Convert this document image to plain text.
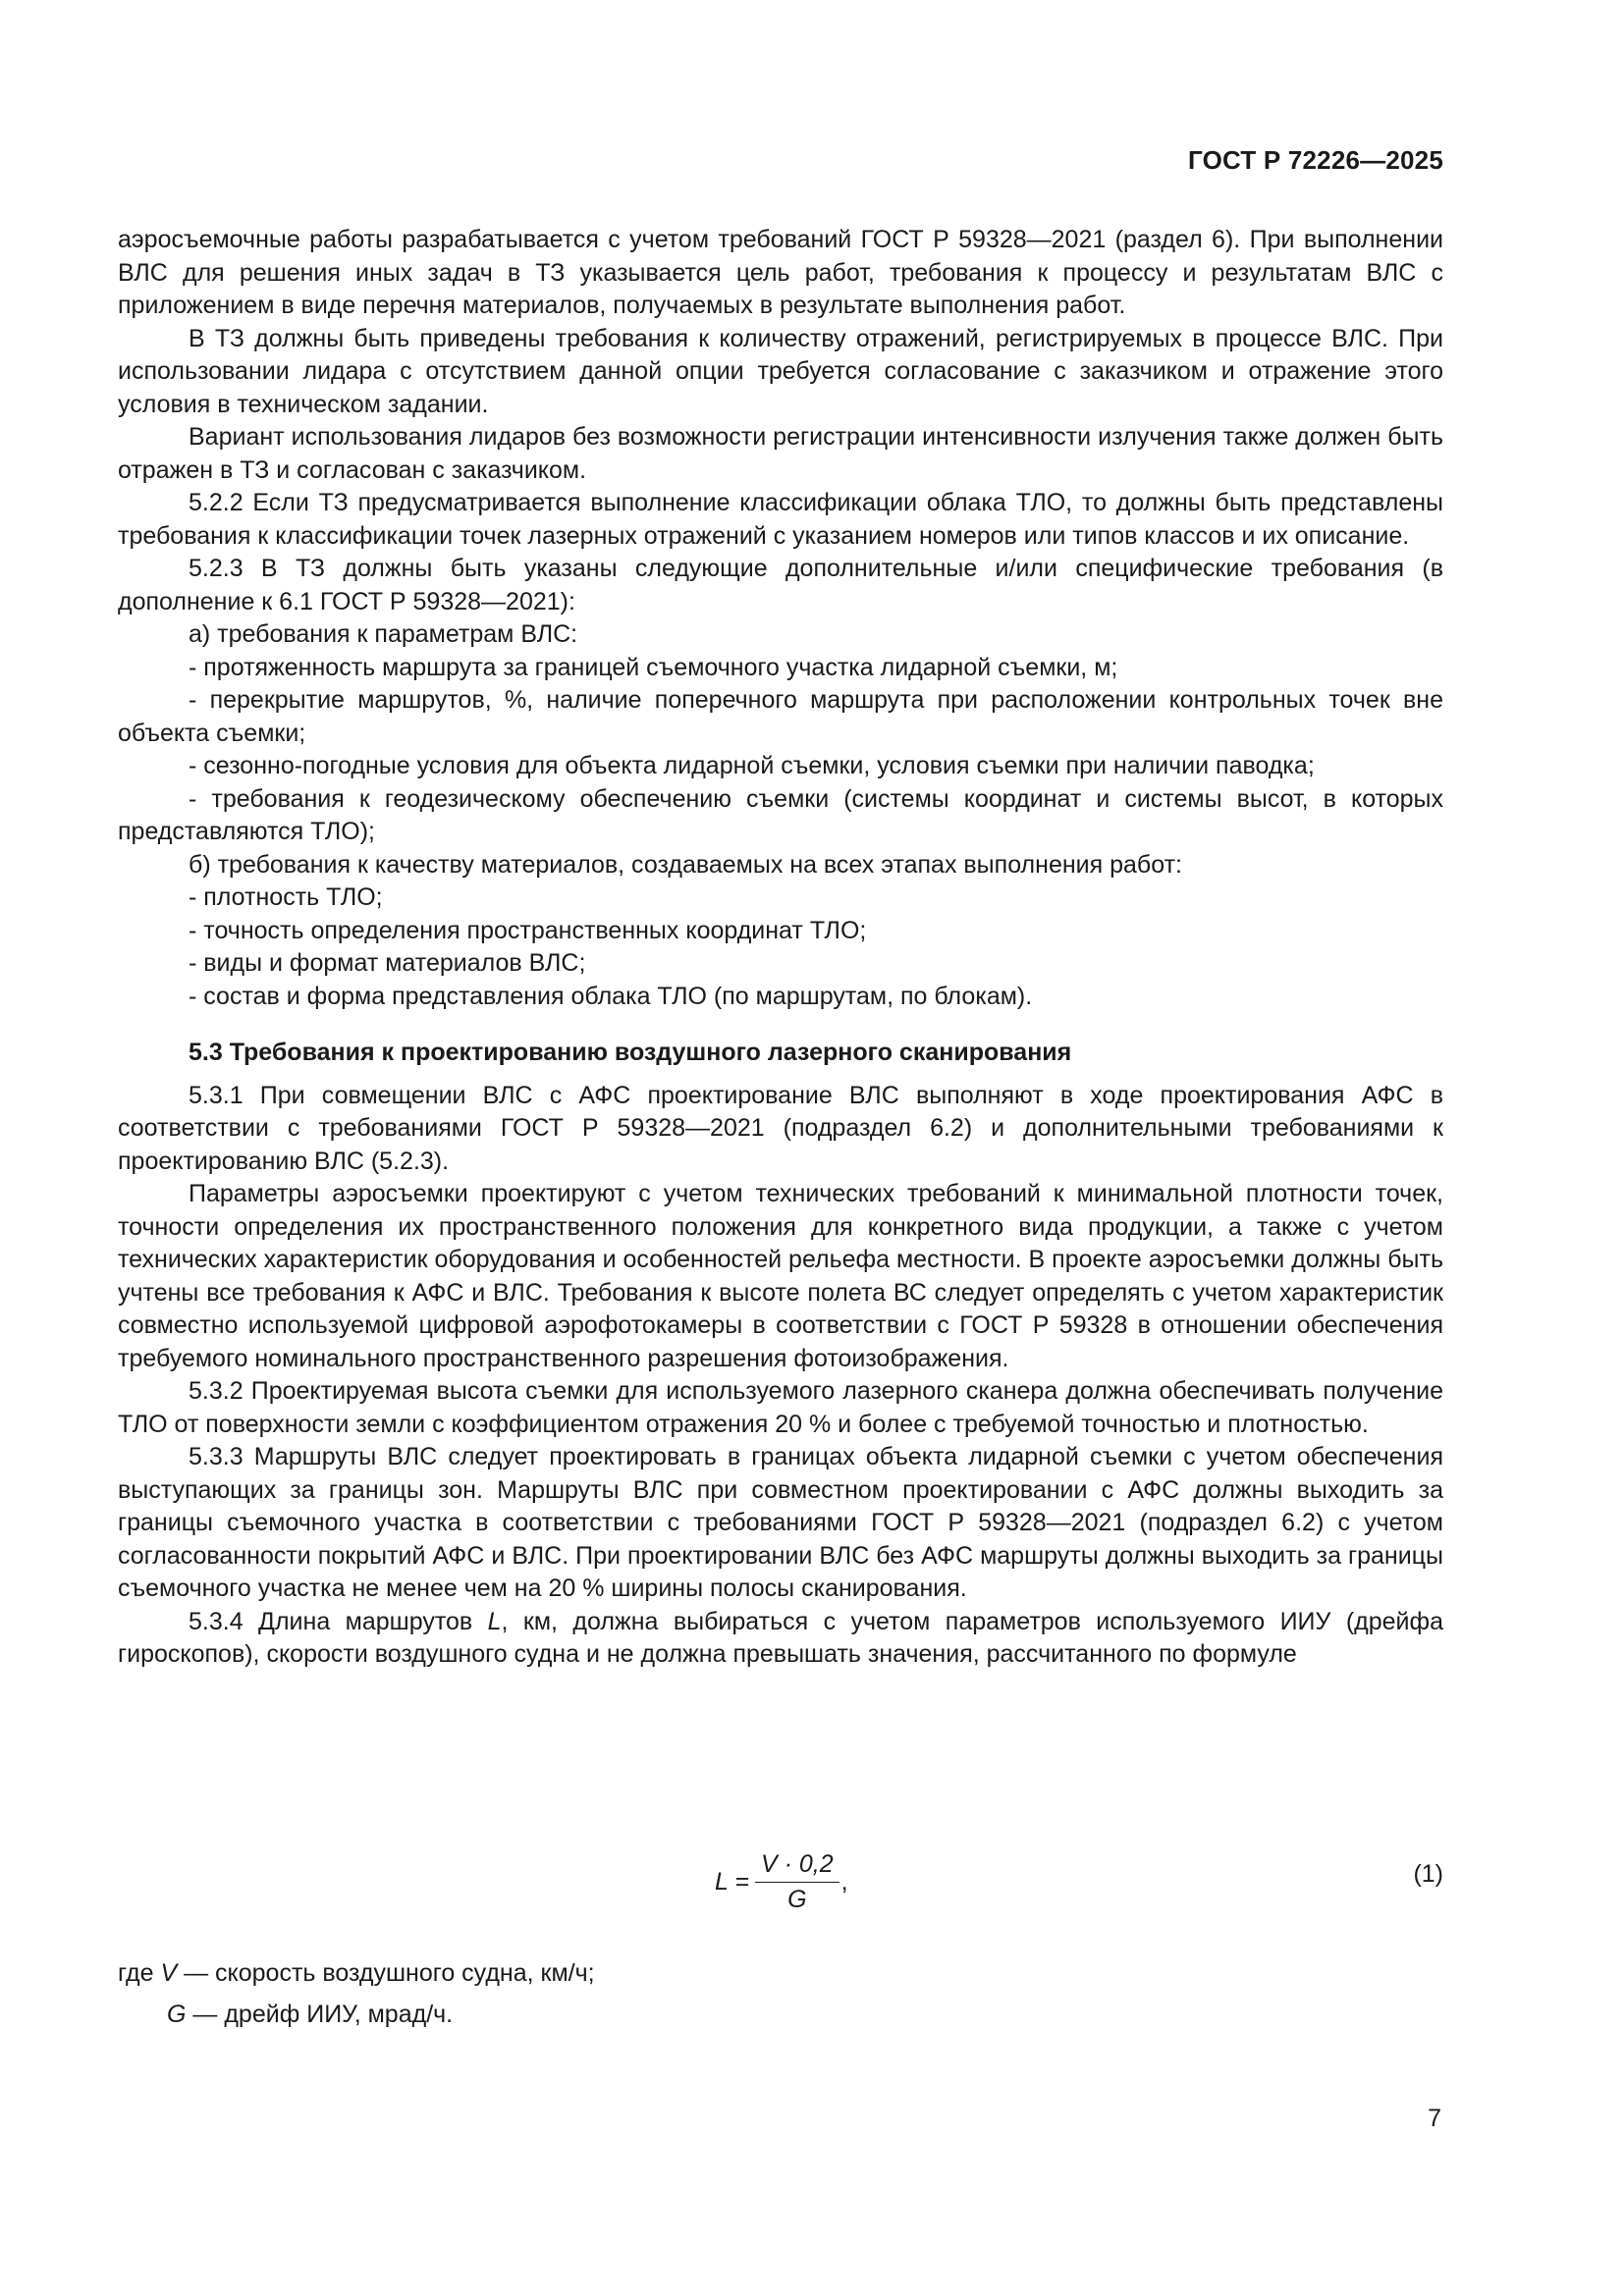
ГОСТ Р 72226—2025

аэросъемочные работы разрабатывается с учетом требований ГОСТ Р 59328—2021 (раздел 6). При выполнении ВЛС для решения иных задач в ТЗ указывается цель работ, требования к процессу и результатам ВЛС с приложением в виде перечня материалов, получаемых в результате выполнения работ.

В ТЗ должны быть приведены требования к количеству отражений, регистрируемых в процессе ВЛС. При использовании лидара с отсутствием данной опции требуется согласование с заказчиком и отражение этого условия в техническом задании.

Вариант использования лидаров без возможности регистрации интенсивности излучения также должен быть отражен в ТЗ и согласован с заказчиком.

5.2.2 Если ТЗ предусматривается выполнение классификации облака ТЛО, то должны быть представлены требования к классификации точек лазерных отражений с указанием номеров или типов классов и их описание.

5.2.3 В ТЗ должны быть указаны следующие дополнительные и/или специфические требования (в дополнение к 6.1 ГОСТ Р 59328—2021):

а) требования к параметрам ВЛС:

- протяженность маршрута за границей съемочного участка лидарной съемки, м;

- перекрытие маршрутов, %, наличие поперечного маршрута при расположении контрольных точек вне объекта съемки;

- сезонно-погодные условия для объекта лидарной съемки, условия съемки при наличии паводка;

- требования к геодезическому обеспечению съемки (системы координат и системы высот, в которых представляются ТЛО);

б) требования к качеству материалов, создаваемых на всех этапах выполнения работ:

- плотность ТЛО;

- точность определения пространственных координат ТЛО;

- виды и формат материалов ВЛС;

- состав и форма представления облака ТЛО (по маршрутам, по блокам).

5.3 Требования к проектированию воздушного лазерного сканирования

5.3.1 При совмещении ВЛС с АФС проектирование ВЛС выполняют в ходе проектирования АФС в соответствии с требованиями ГОСТ Р 59328—2021 (подраздел 6.2) и дополнительными требованиями к проектированию ВЛС (5.2.3).

Параметры аэросъемки проектируют с учетом технических требований к минимальной плотности точек, точности определения их пространственного положения для конкретного вида продукции, а также с учетом технических характеристик оборудования и особенностей рельефа местности. В проекте аэросъемки должны быть учтены все требования к АФС и ВЛС. Требования к высоте полета ВС следует определять с учетом характеристик совместно используемой цифровой аэрофотокамеры в соответствии с ГОСТ Р 59328 в отношении обеспечения требуемого номинального пространственного разрешения фотоизображения.

5.3.2 Проектируемая высота съемки для используемого лазерного сканера должна обеспечивать получение ТЛО от поверхности земли с коэффициентом отражения 20 % и более с требуемой точностью и плотностью.

5.3.3 Маршруты ВЛС следует проектировать в границах объекта лидарной съемки с учетом обеспечения выступающих за границы зон. Маршруты ВЛС при совместном проектировании с АФС должны выходить за границы съемочного участка в соответствии с требованиями ГОСТ Р 59328—2021 (подраздел 6.2) с учетом согласованности покрытий АФС и ВЛС. При проектировании ВЛС без АФС маршруты должны выходить за границы съемочного участка не менее чем на 20 % ширины полосы сканирования.

5.3.4 Длина маршрутов L, км, должна выбираться с учетом параметров используемого ИИУ (дрейфа гироскопов), скорости воздушного судна и не должна превышать значения, рассчитанного по формуле

$L = \frac{V \cdot 0,2}{G}$ ,	(1)
где V — скорость воздушного судна, км/ч;
G — дрейф ИИУ, мрад/ч.
7
